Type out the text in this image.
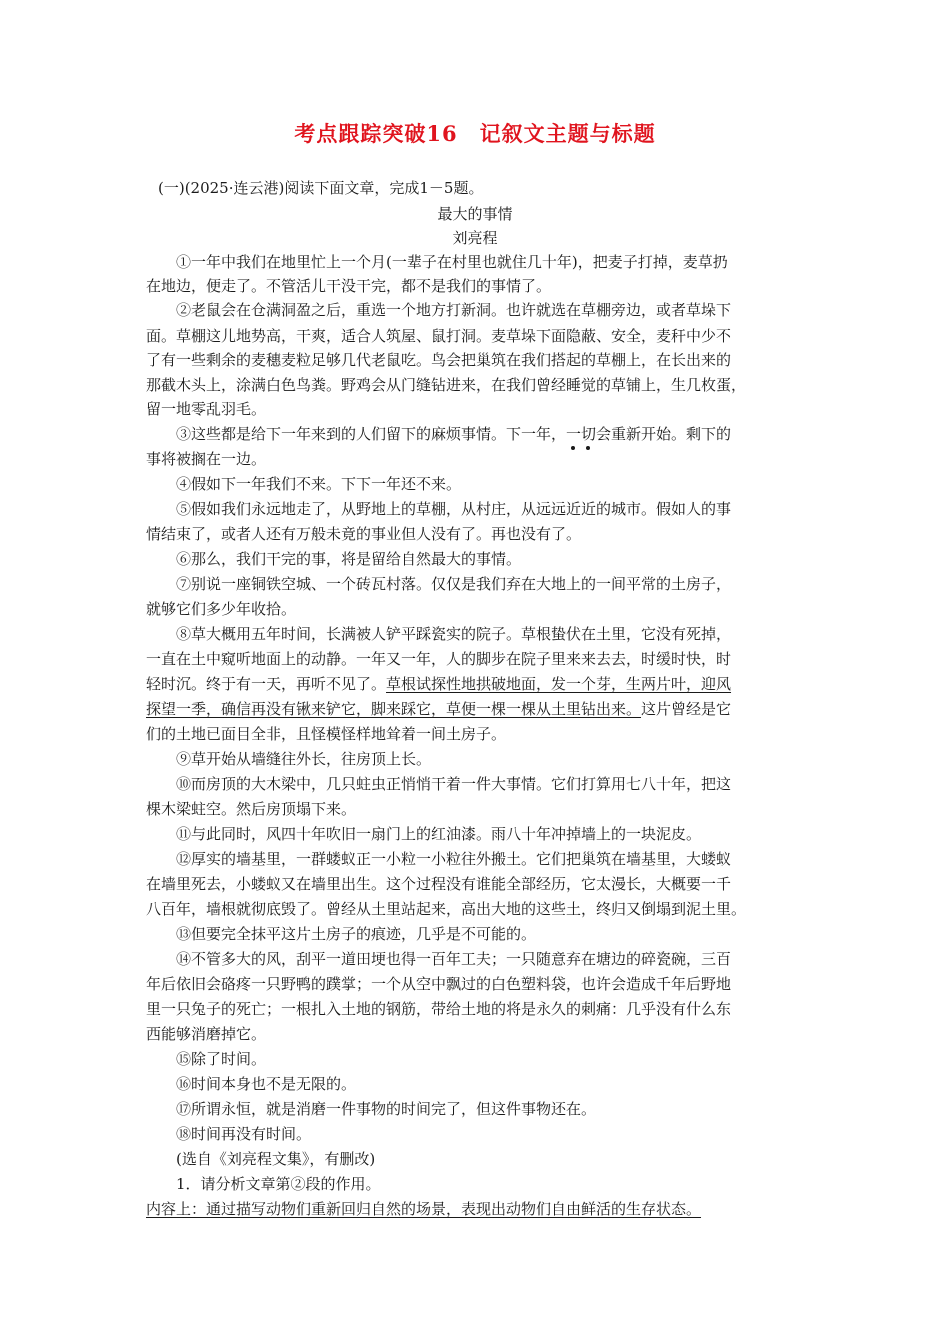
考点跟踪突破16　记叙文主题与标题
(一)(2025·连云港)阅读下面文章，完成1－5题。
最大的事情
刘亮程
①一年中我们在地里忙上一个月(一辈子在村里也就住几十年)，把麦子打掉，麦草扔
在地边，便走了。不管活儿干没干完，都不是我们的事情了。
②老鼠会在仓满洞盈之后，重选一个地方打新洞。也许就选在草棚旁边，或者草垛下
面。草棚这儿地势高，干爽，适合人筑屋、鼠打洞。麦草垛下面隐蔽、安全，麦秆中少不
了有一些剩余的麦穗麦粒足够几代老鼠吃。鸟会把巢筑在我们搭起的草棚上，在长出来的
那截木头上，涂满白色鸟粪。野鸡会从门缝钻进来，在我们曾经睡觉的草铺上，生几枚蛋，
留一地零乱羽毛。
③这些都是给下一年来到的人们留下的麻烦事情。下一年，一切
会重新开始。剩下的
事将被搁在一边。
④假如下一年我们不来。下下一年还不来。
⑤假如我们永远地走了，从野地上的草棚，从村庄，从远远近近的城市。假如人的事
情结束了，或者人还有万般未竟的事业但人没有了。再也没有了。
⑥那么，我们干完的事，将是留给自然最大的事情。
⑦别说一座铜铁空城、一个砖瓦村落。仅仅是我们弃在大地上的一间平常的土房子，
就够它们多少年收拾。
⑧草大概用五年时间，长满被人铲平踩瓷实的院子。草根蛰伏在土里，它没有死掉，
一直在土中窥听地面上的动静。一年又一年，人的脚步在院子里来来去去，时缓时快，时
轻时沉。终于有一天，再听不见了。草根试探性地拱破地面，发一个芽，生两片叶，迎风
探望一季，确信再没有锹来铲它，脚来踩它，草便一棵一棵从土里钻出来。这片曾经是它
们的土地已面目全非，且怪模怪样地耸着一间土房子。
⑨草开始从墙缝往外长，往房顶上长。
⑩而房顶的大木梁中，几只蛀虫正悄悄干着一件大事情。它们打算用七八十年，把这
棵木梁蛀空。然后房顶塌下来。
⑪与此同时，风四十年吹旧一扇门上的红油漆。雨八十年冲掉墙上的一块泥皮。
⑫厚实的墙基里，一群蝼蚁正一小粒一小粒往外搬土。它们把巢筑在墙基里，大蝼蚁
在墙里死去，小蝼蚁又在墙里出生。这个过程没有谁能全部经历，它太漫长，大概要一千
八百年，墙根就彻底毁了。曾经从土里站起来，高出大地的这些土，终归又倒塌到泥土里。
⑬但要完全抹平这片土房子的痕迹，几乎是不可能的。
⑭不管多大的风，刮平一道田埂也得一百年工夫；一只随意弃在塘边的碎瓷碗，三百
年后依旧会硌疼一只野鸭的蹼掌；一个从空中飘过的白色塑料袋，也许会造成千年后野地
里一只兔子的死亡；一根扎入土地的钢筋，带给土地的将是永久的刺痛：几乎没有什么东
西能够消磨掉它。
⑮除了时间。
⑯时间本身也不是无限的。
⑰所谓永恒，就是消磨一件事物的时间完了，但这件事物还在。
⑱时间再没有时间。
(选自《刘亮程文集》，有删改)
1．请分析文章第②段的作用。
内容上：通过描写动物们重新回归自然的场景，表现出动物们自由鲜活的生存状态。
